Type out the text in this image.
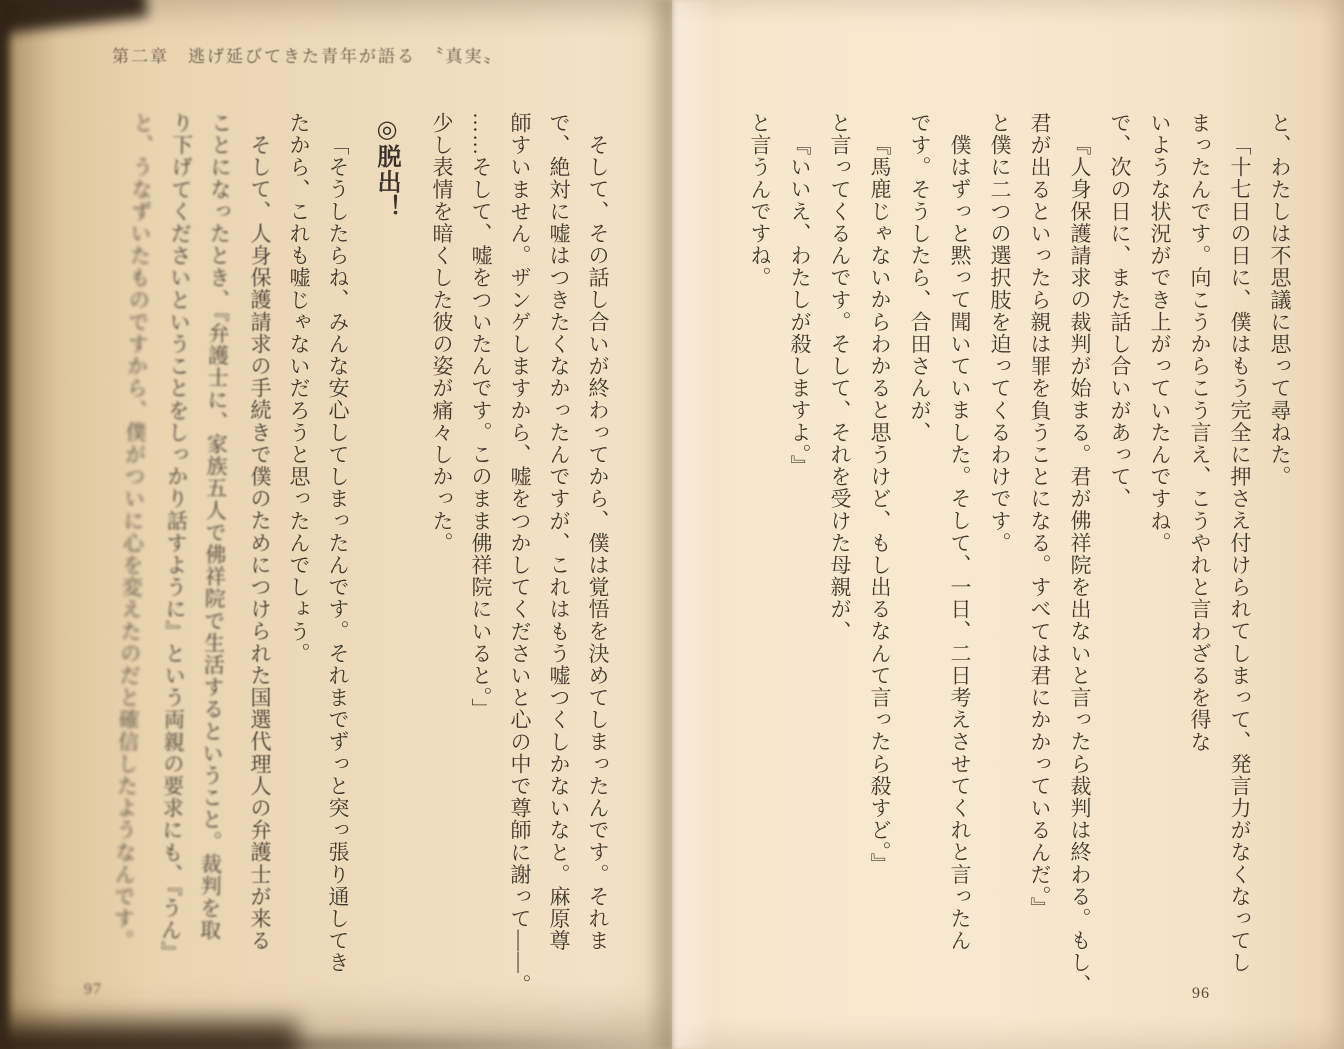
第二章　逃げ延びてきた青年が語る　〝真実〟
そして、その話し合いが終わってから、僕は覚悟を決めてしまったんです。それま
で、絶対に嘘はつきたくなかったんですが、これはもう嘘つくしかないなと。麻原尊
師すいません。ザンゲしますから、嘘をつかしてくださいと心の中で尊師に謝って——。
……そして、嘘をついたんです。このまま佛祥院にいると。」
少し表情を暗くした彼の姿が痛々しかった。
◎脱出！
「そうしたらね、みんな安心してしまったんです。それまでずっと突っ張り通してき
たから、これも嘘じゃないだろうと思ったんでしょう。
そして、人身保護請求の手続きで僕のためにつけられた国選代理人の弁護士が来る
ことになったとき、『弁護士に、家族五人で佛祥院で生活するということ。裁判を取
り下げてくださいということをしっかり話すように』という両親の要求にも、『うん』
と、うなずいたものですから、僕がついに心を変えたのだと確信したようなんです。
97
と、わたしは不思議に思って尋ねた。
「十七日の日に、僕はもう完全に押さえ付けられてしまって、発言力がなくなってし
まったんです。向こうからこう言え、こうやれと言わざるを得な
いような状況ができ上がっていたんですね。
で、次の日に、また話し合いがあって、
『人身保護請求の裁判が始まる。君が佛祥院を出ないと言ったら裁判は終わる。もし、
君が出るといったら親は罪を負うことになる。すべては君にかかっているんだ。』
と僕に二つの選択肢を迫ってくるわけです。
僕はずっと黙って聞いていました。そして、一日、二日考えさせてくれと言ったん
です。そうしたら、合田さんが、
『馬鹿じゃないからわかると思うけど、もし出るなんて言ったら殺すど。』
と言ってくるんです。そして、それを受けた母親が、
『いいえ、わたしが殺しますよ。』
と言うんですね。
96
